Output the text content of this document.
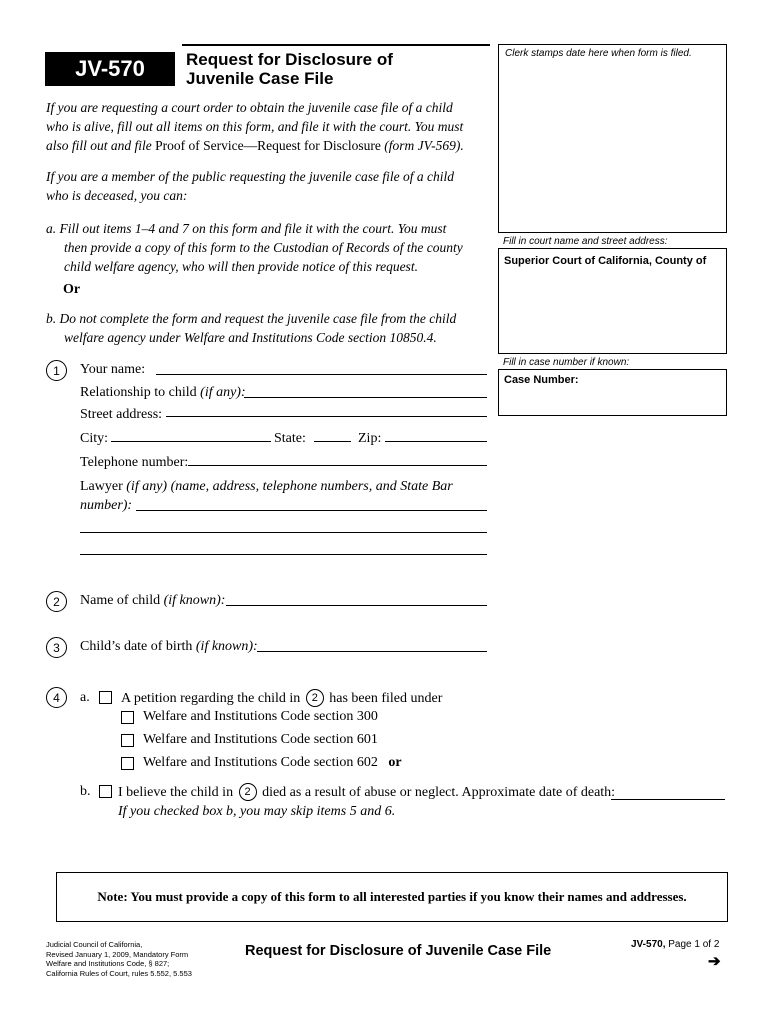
JV-570	Request for Disclosure of
Juvenile Case File
Clerk stamps date here when form is filed.
Fill in court name and street address:
Superior Court of California, County of
Fill in case number if known:
Case Number:
If you are requesting a court order to obtain the juvenile case file of a child
who is alive, fill out all items on this form, and file it with the court. You must
also fill out and file Proof of Service—Request for Disclosure (form JV-569).
If you are a member of the public requesting the juvenile case file of a child
who is deceased, you can:
a. Fill out items 1–4 and 7 on this form and file it with the court. You must
then provide a copy of this form to the Custodian of Records of the county
child welfare agency, who will then provide notice of this request.
Or
b. Do not complete the form and request the juvenile case file from the child
welfare agency under Welfare and Institutions Code section 10850.4.
1	Your name:
Relationship to child (if any):
Street address:
City:	State:	Zip:
Telephone number:
Lawyer (if any) (name, address, telephone numbers, and State Bar
number):
2	Name of child (if known):
3	Child’s date of birth (if known):
4	a. A petition regarding the child in 2 has been filed under
Welfare and Institutions Code section 300
Welfare and Institutions Code section 601
Welfare and Institutions Code section 602 or
b. I believe the child in 2 died as a result of abuse or neglect. Approximate date of death:
If you checked box b, you may skip items 5 and 6.
Note: You must provide a copy of this form to all interested parties if you know their names and addresses.
Judicial Council of California,
Revised January 1, 2009, Mandatory Form
Welfare and Institutions Code, § 827;
California Rules of Court, rules 5.552, 5.553
Request for Disclosure of Juvenile Case File	JV-570, Page 1 of 2
➔
